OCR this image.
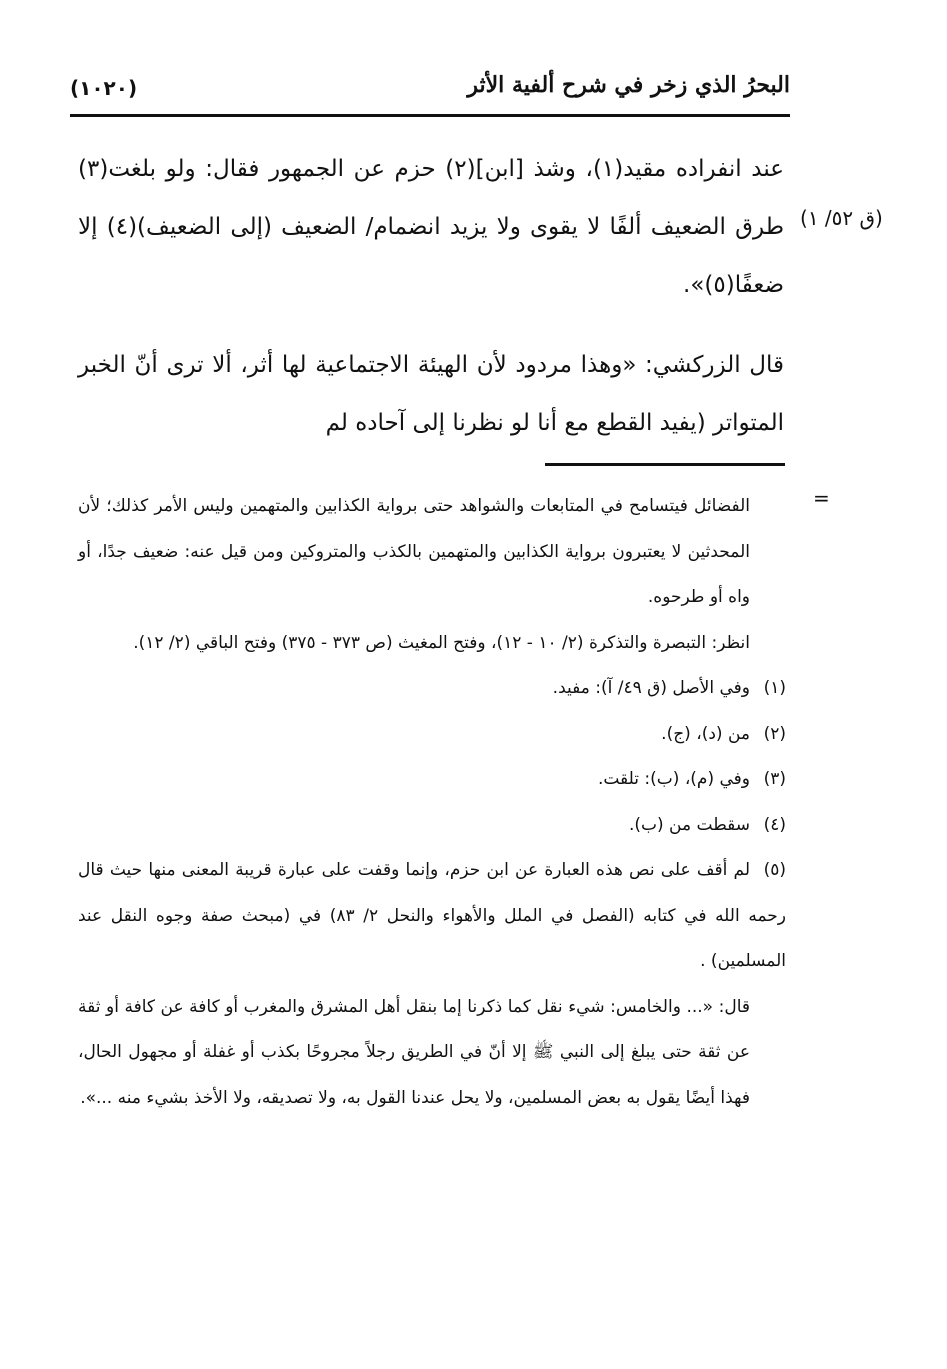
(١٠٢٠)	البحرُ الذي زخر في شرح ألفية الأثر
(ق ٥٢/ ١)

عند انفراده مقيد(١)، وشذ [ابن](٢) حزم عن الجمهور فقال: ولو بلغت(٣) طرق الضعيف ألفًا لا يقوى ولا يزيد انضمام/ الضعيف (إلى الضعيف)(٤) إلا ضعفًا(٥)».

قال الزركشي: «وهذا مردود لأن الهيئة الاجتماعية لها أثر، ألا ترى أنّ الخبر المتواتر (يفيد القطع مع أنا لو نظرنا إلى آحاده لم

=

الفضائل فيتسامح في المتابعات والشواهد حتى برواية الكذابين والمتهمين وليس الأمر كذلك؛ لأن المحدثين لا يعتبرون برواية الكذابين والمتهمين بالكذب والمتروكين ومن قيل عنه: ضعيف جدًا، أو واه أو طرحوه.

انظر: التبصرة والتذكرة (٢/ ١٠ - ١٢)، وفتح المغيث (ص ٣٧٣ - ٣٧٥) وفتح الباقي (٢/ ١٢).

(١)وفي الأصل (ق ٤٩/ آ): مفيد.

(٢)من (د)، (ج).

(٣)وفي (م)، (ب): تلقت.

(٤)سقطت من (ب).

(٥)لم أقف على نص هذه العبارة عن ابن حزم، وإنما وقفت على عبارة قريبة المعنى منها حيث قال رحمه الله في كتابه (الفصل في الملل والأهواء والنحل ٢/ ٨٣) في (مبحث صفة وجوه النقل عند المسلمين) .

قال: «... والخامس: شيء نقل كما ذكرنا إما بنقل أهل المشرق والمغرب أو كافة عن كافة أو ثقة عن ثقة حتى يبلغ إلى النبي ﷺ إلا أنّ في الطريق رجلاً مجروحًا بكذب أو غفلة أو مجهول الحال، فهذا أيضًا يقول به بعض المسلمين، ولا يحل عندنا القول به، ولا تصديقه، ولا الأخذ بشيء منه ...».
